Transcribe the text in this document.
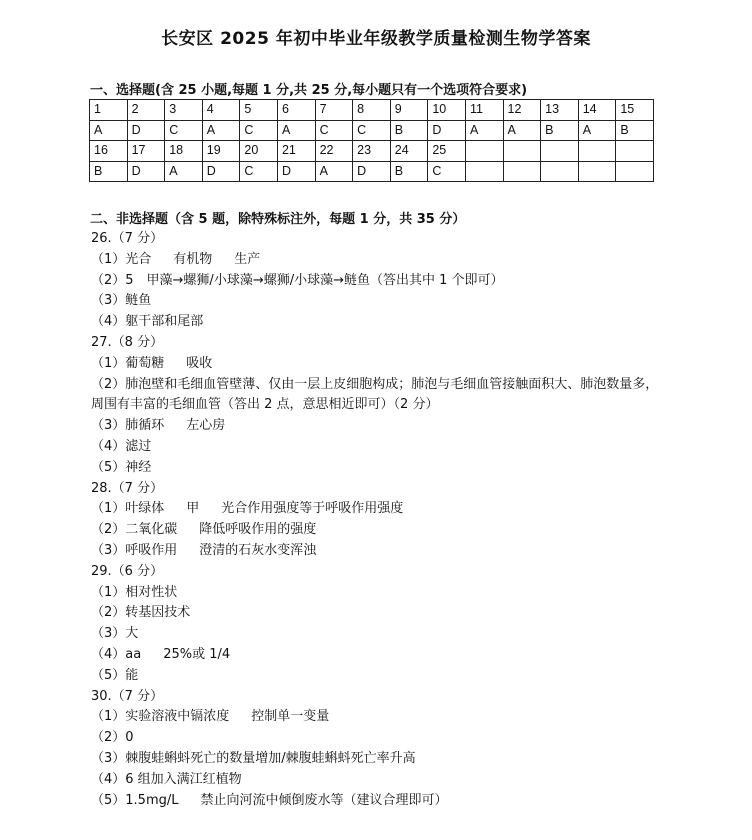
长安区 2025 年初中毕业年级教学质量检测生物学答案
一、选择题(含 25 小题,每题 1 分,共 25 分,每小题只有一个选项符合要求)
1	2	3	4	5	6	7	8	9	10	11	12	13	14	15
A	D	C	A	C	A	C	C	B	D	A	A	B	A	B
16	17	18	19	20	21	22	23	24	25					
B	D	A	D	C	D	A	D	B	C					
二、非选择题（含 5 题，除特殊标注外，每题 1 分，共 35 分）
26.（7 分）
（1）光合 有机物 生产
（2）5　甲藻→螺狮/小球藻→螺狮/小球藻→鲢鱼（答出其中 1 个即可）
（3）鲢鱼
（4）躯干部和尾部
27.（8 分）
（1）葡萄糖 吸收
（2）肺泡壁和毛细血管壁薄、仅由一层上皮细胞构成；肺泡与毛细血管接触面积大、肺泡数量多，周围有丰富的毛细血管（答出 2 点，意思相近即可）（2 分）
（3）肺循环 左心房
（4）滤过
（5）神经
28.（7 分）
（1）叶绿体 甲 光合作用强度等于呼吸作用强度
（2）二氧化碳 降低呼吸作用的强度
（3）呼吸作用 澄清的石灰水变浑浊
29.（6 分）
（1）相对性状
（2）转基因技术
（3）大
（4）aa 25%或 1/4
（5）能
30.（7 分）
（1）实验溶液中镉浓度 控制单一变量
（2）0
（3）棘腹蛙蝌蚪死亡的数量增加/棘腹蛙蝌蚪死亡率升高
（4）6 组加入满江红植物
（5）1.5mg/L 禁止向河流中倾倒废水等（建议合理即可）
